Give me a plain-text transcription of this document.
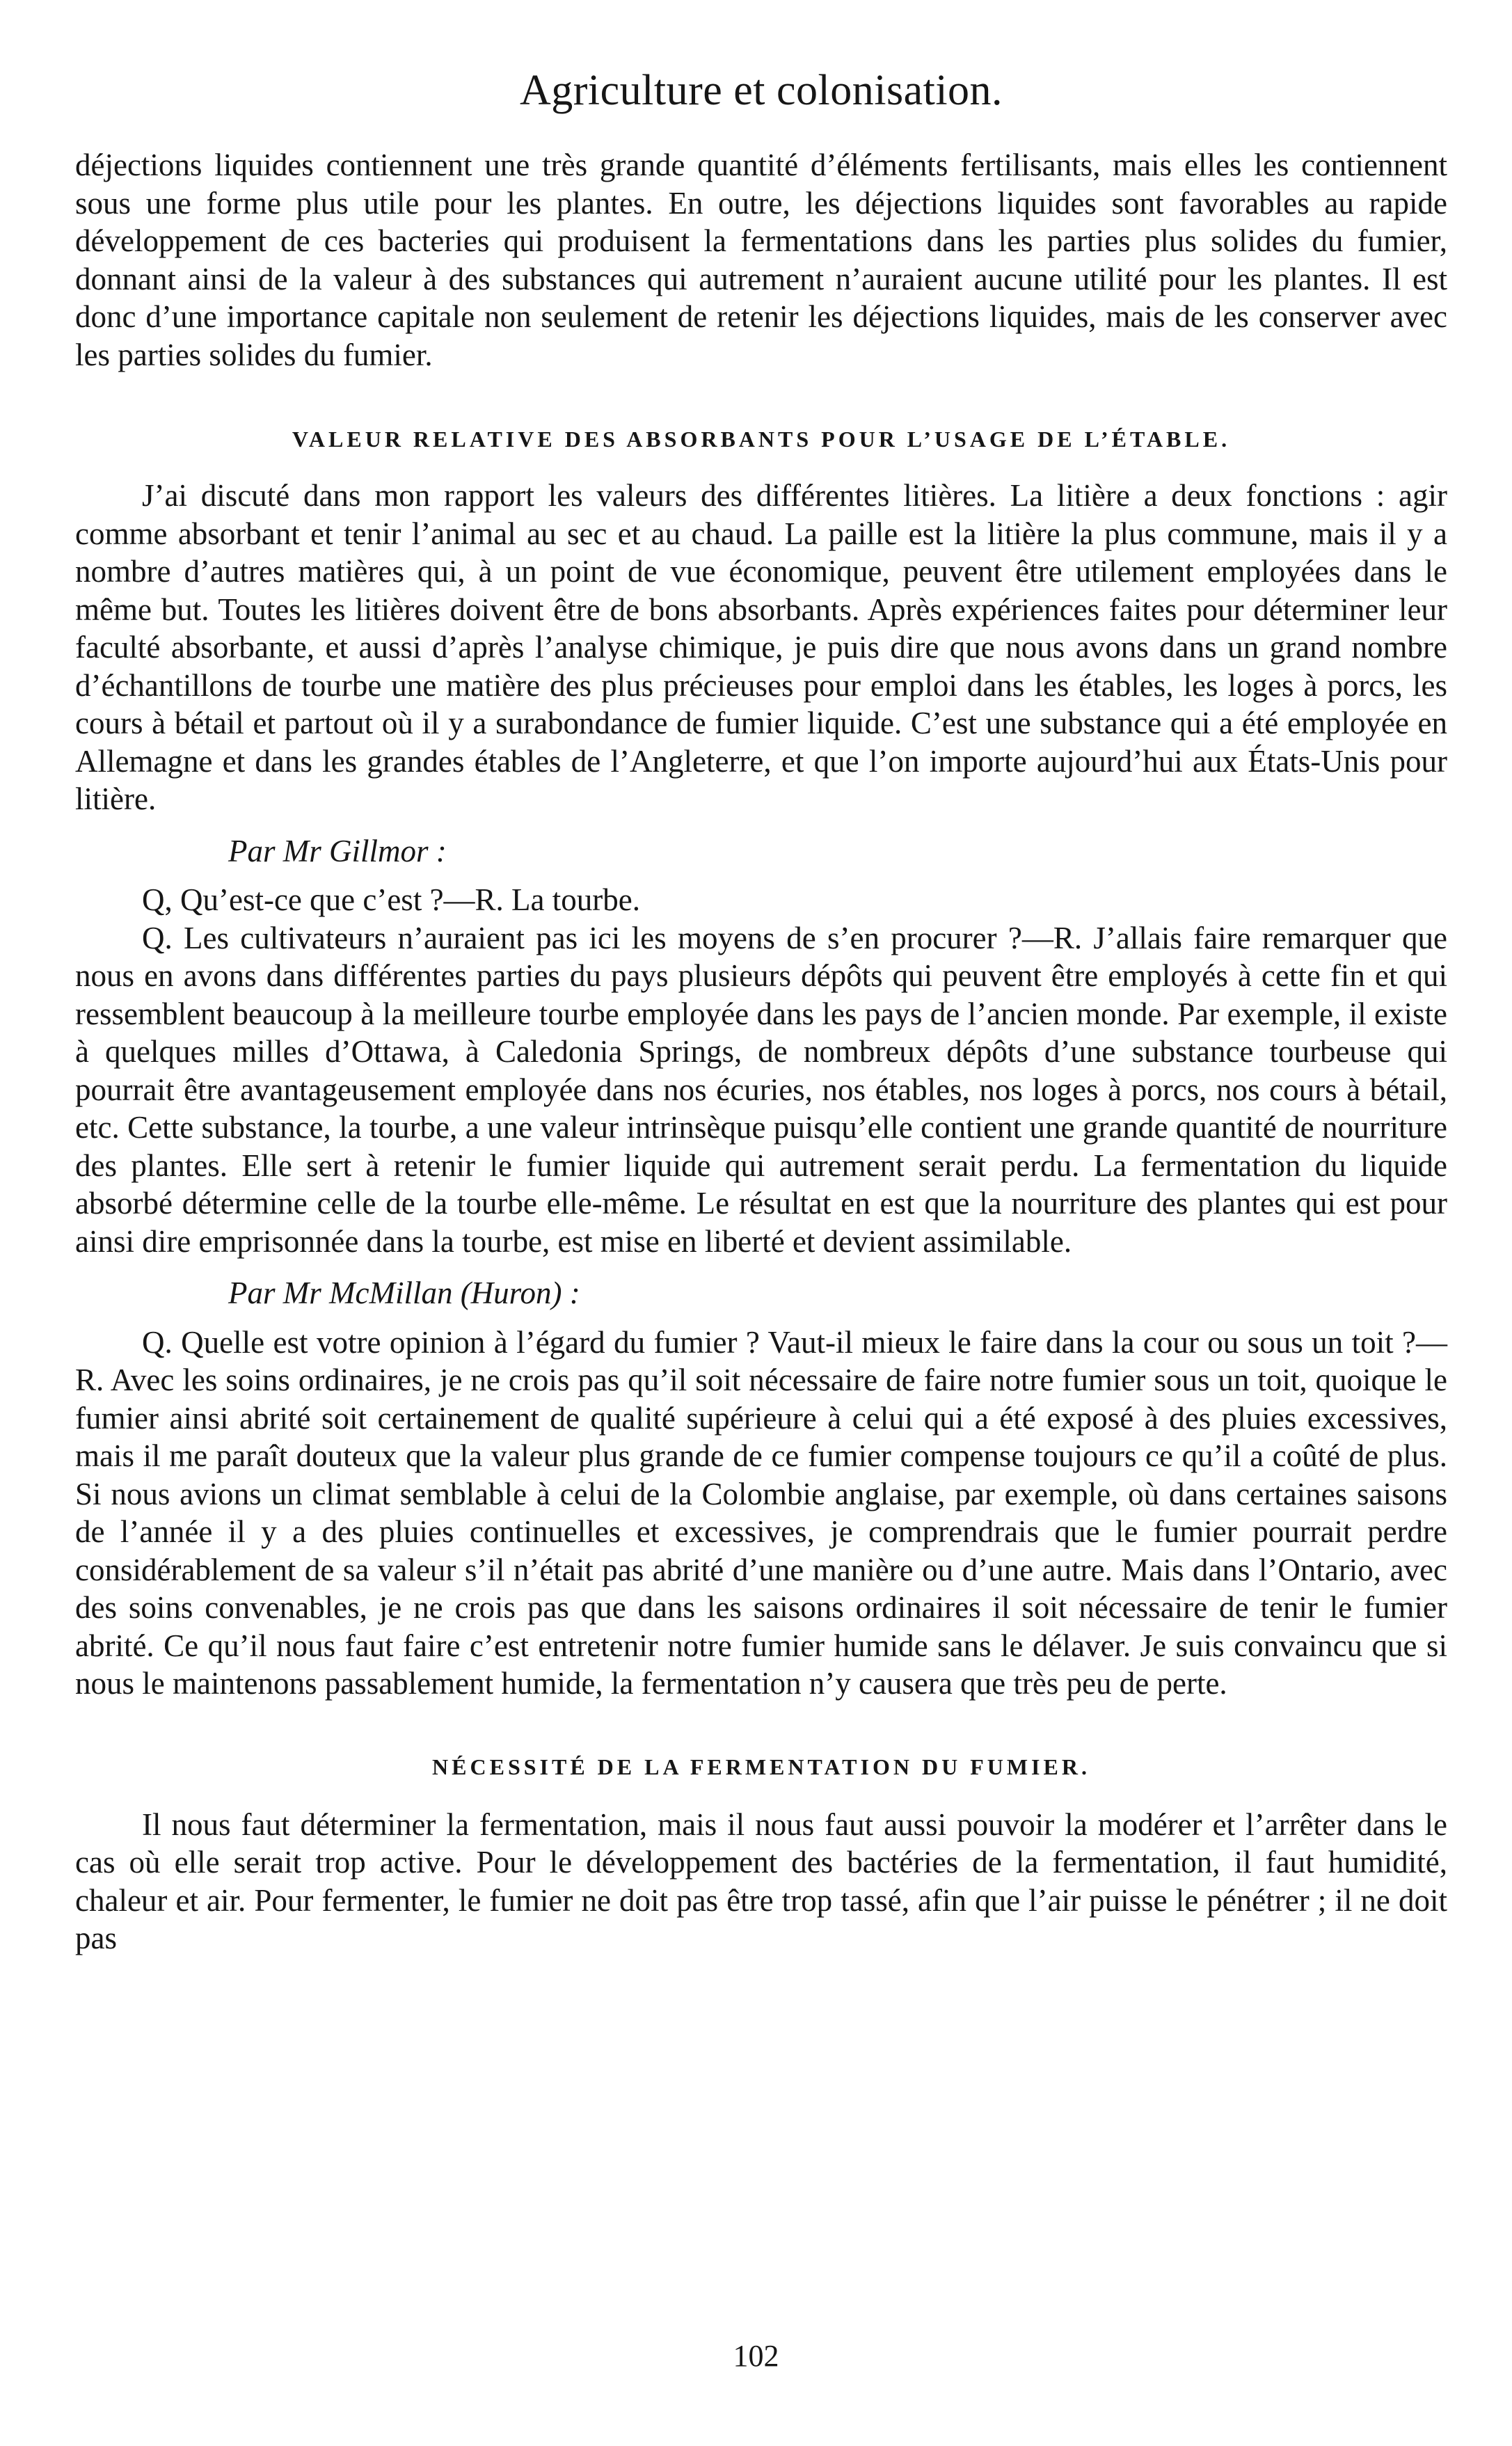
Agriculture et colonisation.

déjections liquides contiennent une très grande quantité d’éléments fertilisants, mais elles les contiennent sous une forme plus utile pour les plantes. En outre, les déjections liquides sont favorables au rapide développement de ces bacteries qui produisent la fermentations dans les parties plus solides du fumier, donnant ainsi de la valeur à des substances qui autrement n’auraient aucune utilité pour les plantes. Il est donc d’une importance capitale non seulement de retenir les déjections liquides, mais de les conserver avec les parties solides du fumier.

VALEUR RELATIVE DES ABSORBANTS POUR L’USAGE DE L’ÉTABLE.

J’ai discuté dans mon rapport les valeurs des différentes litières. La litière a deux fonctions : agir comme absorbant et tenir l’animal au sec et au chaud. La paille est la litière la plus commune, mais il y a nombre d’autres matières qui, à un point de vue économique, peuvent être utilement employées dans le même but. Toutes les litières doivent être de bons absorbants. Après expériences faites pour déterminer leur faculté absorbante, et aussi d’après l’analyse chimique, je puis dire que nous avons dans un grand nombre d’échantillons de tourbe une matière des plus précieuses pour emploi dans les étables, les loges à porcs, les cours à bétail et partout où il y a surabondance de fumier liquide. C’est une substance qui a été employée en Allemagne et dans les grandes étables de l’Angleterre, et que l’on importe aujourd’hui aux États-Unis pour litière.

Par Mr Gillmor :

Q, Qu’est-ce que c’est ?—R. La tourbe.

Q. Les cultivateurs n’auraient pas ici les moyens de s’en procurer ?—R. J’allais faire remarquer que nous en avons dans différentes parties du pays plusieurs dépôts qui peuvent être employés à cette fin et qui ressemblent beaucoup à la meilleure tourbe employée dans les pays de l’ancien monde. Par exemple, il existe à quelques milles d’Ottawa, à Caledonia Springs, de nombreux dépôts d’une substance tourbeuse qui pourrait être avantageusement employée dans nos écuries, nos étables, nos loges à porcs, nos cours à bétail, etc. Cette substance, la tourbe, a une valeur intrinsèque puisqu’elle contient une grande quantité de nourriture des plantes. Elle sert à retenir le fumier liquide qui autrement serait perdu. La fermentation du liquide absorbé détermine celle de la tourbe elle-même. Le résultat en est que la nourriture des plantes qui est pour ainsi dire emprisonnée dans la tourbe, est mise en liberté et devient assimilable.

Par Mr McMillan (Huron) :

Q. Quelle est votre opinion à l’égard du fumier ? Vaut-il mieux le faire dans la cour ou sous un toit ?—R. Avec les soins ordinaires, je ne crois pas qu’il soit nécessaire de faire notre fumier sous un toit, quoique le fumier ainsi abrité soit certainement de qualité supérieure à celui qui a été exposé à des pluies excessives, mais il me paraît douteux que la valeur plus grande de ce fumier compense toujours ce qu’il a coûté de plus. Si nous avions un climat semblable à celui de la Colombie anglaise, par exemple, où dans certaines saisons de l’année il y a des pluies continuelles et excessives, je comprendrais que le fumier pourrait perdre considérablement de sa valeur s’il n’était pas abrité d’une manière ou d’une autre. Mais dans l’Ontario, avec des soins convenables, je ne crois pas que dans les saisons ordinaires il soit nécessaire de tenir le fumier abrité. Ce qu’il nous faut faire c’est entretenir notre fumier humide sans le délaver. Je suis convaincu que si nous le maintenons passablement humide, la fermentation n’y causera que très peu de perte.

NÉCESSITÉ DE LA FERMENTATION DU FUMIER.

Il nous faut déterminer la fermentation, mais il nous faut aussi pouvoir la modérer et l’arrêter dans le cas où elle serait trop active. Pour le développement des bactéries de la fermentation, il faut humidité, chaleur et air. Pour fermenter, le fumier ne doit pas être trop tassé, afin que l’air puisse le pénétrer ; il ne doit pas

102
